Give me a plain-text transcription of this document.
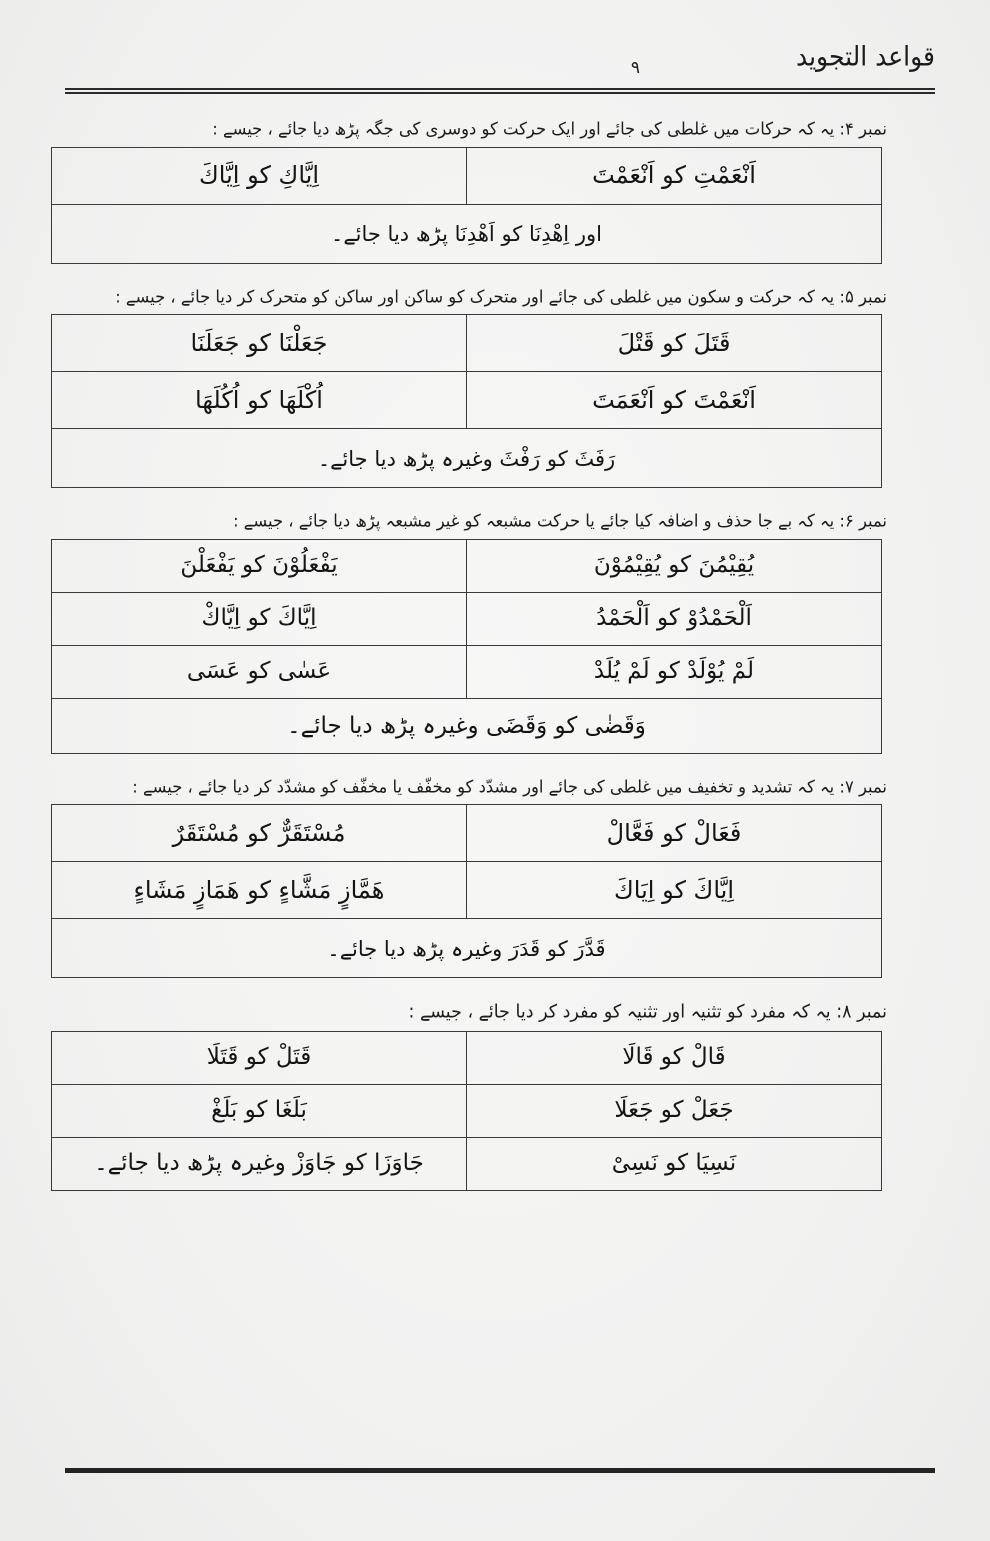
قواعد التجويد
٩
نمبر ۴: یہ کہ حرکات میں غلطی کی جائے اور ایک حرکت کو دوسری کی جگہ پڑھ دیا جائے ، جیسے :
اَنْعَمْتِ کو اَنْعَمْتَ	اِیَّاكِ کو اِیَّاكَ
اور اِهْدِنَا کو اَهْدِنَا پڑھ دیا جائے۔
نمبر ۵: یہ کہ حرکت و سکون میں غلطی کی جائے اور متحرک کو ساکن اور ساکن کو متحرک کر دیا جائے ، جیسے :
قَتَلَ کو قَتْلَ	جَعَلْنَا کو جَعَلَنَا
اَنْعَمْتَ کو اَنْعَمَتَ	اُكْلَهَا کو اُكُلَهَا
رَفَثَ کو رَفْثَ وغیرہ پڑھ دیا جائے۔	
نمبر ۶: یہ کہ بے جا حذف و اضافہ کیا جائے یا حرکت مشبعہ کو غیر مشبعہ پڑھ دیا جائے ، جیسے :
يُقِيْمُنَ کو يُقِيْمُوْنَ	يَفْعَلُوْنَ کو يَفْعَلْنَ
اَلْحَمْدُوْ کو اَلْحَمْدُ	اِیَّاكَ کو اِیَّاكْ
لَمْ يُوْلَدْ کو لَمْ يُلَدْ	عَسٰى کو عَسَى
وَقَضٰى کو وَقَضَى وغیرہ پڑھ دیا جائے۔	
نمبر ۷: یہ کہ تشدید و تخفیف میں غلطی کی جائے اور مشدّد کو مخفّف یا مخفّف کو مشدّد کر دیا جائے ، جیسے :
فَعَالْ کو فَعَّالْ	مُسْتَقَرٌّ کو مُسْتَقَرٌ
اِیَّاكَ کو اِیَاكَ	هَمَّازٍ مَشَّاءٍ کو هَمَازٍ مَشَاءٍ
قَدَّرَ کو قَدَرَ وغیرہ پڑھ دیا جائے۔	
نمبر ۸: یہ کہ مفرد کو تثنیہ اور تثنیہ کو مفرد کر دیا جائے ، جیسے :
قَالْ کو قَالَا	قَتَلْ کو قَتَلَا
جَعَلْ کو جَعَلَا	بَلَغَا کو بَلَغْ
نَسِيَا کو نَسِىْ	جَاوَزَا کو جَاوَزْ وغیرہ پڑھ دیا جائے۔
